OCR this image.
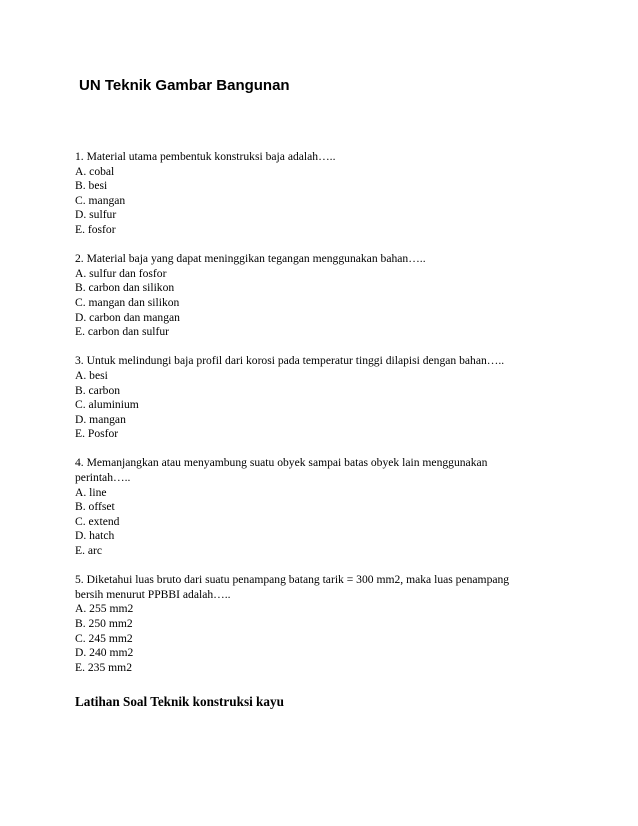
UN Teknik Gambar Bangunan
1. Material utama pembentuk konstruksi baja adalah…..
A. cobal
B. besi
C. mangan
D. sulfur
E. fosfor
2. Material baja yang dapat meninggikan tegangan menggunakan bahan…..
A. sulfur dan fosfor
B. carbon dan silikon
C. mangan dan silikon
D. carbon dan mangan
E. carbon dan sulfur
3. Untuk melindungi baja profil dari korosi pada temperatur tinggi dilapisi dengan bahan…..
A. besi
B. carbon
C. aluminium
D. mangan
E. Posfor
4. Memanjangkan atau menyambung suatu obyek sampai batas obyek lain menggunakan
perintah…..
A. line
B. offset
C. extend
D. hatch
E. arc
5. Diketahui luas bruto dari suatu penampang batang tarik = 300 mm2, maka luas penampang
bersih menurut PPBBI adalah…..
A. 255 mm2
B. 250 mm2
C. 245 mm2
D. 240 mm2
E. 235 mm2
Latihan Soal Teknik konstruksi kayu
